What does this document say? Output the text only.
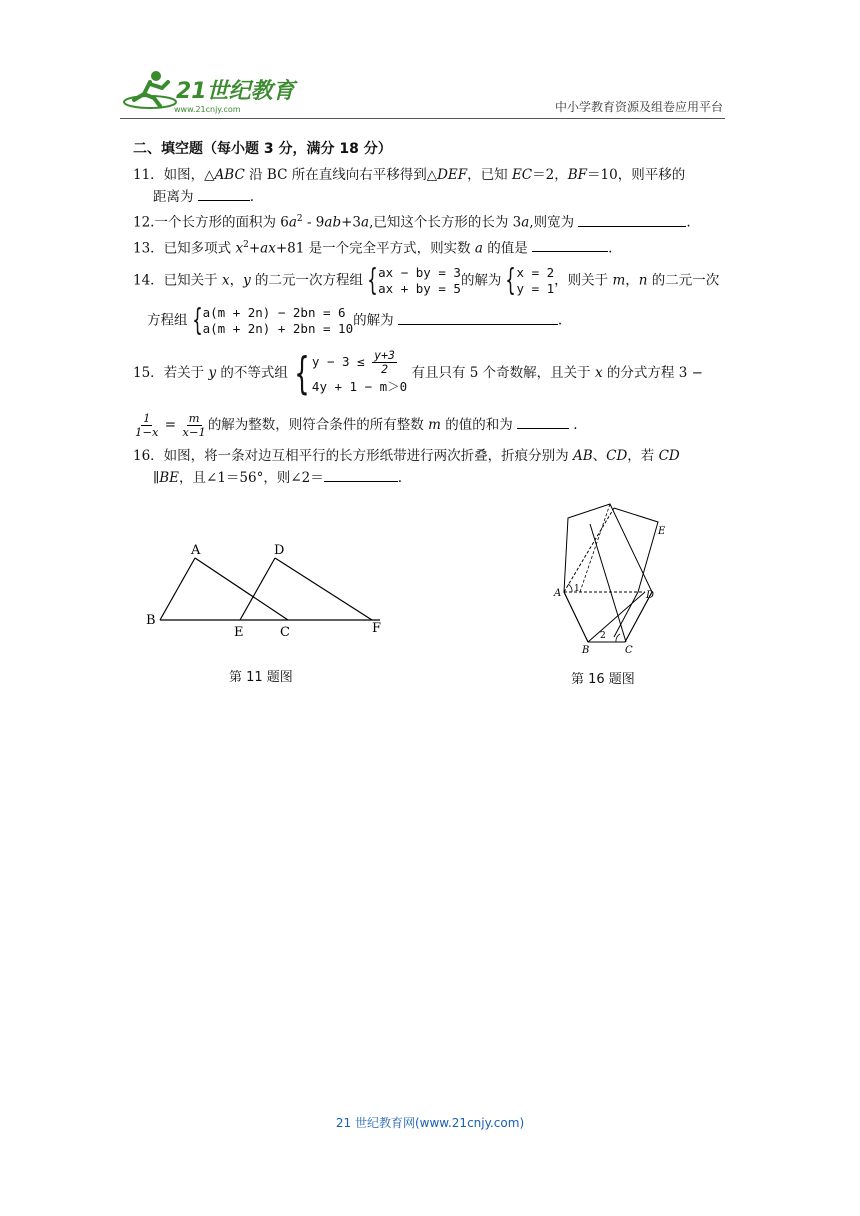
21世纪教育
www.21cnjy.com	中小学教育资源及组卷应用平台
二、填空题（每小题 3 分，满分 18 分）
11．如图，△ABC 沿 BC 所在直线向右平移得到△DEF，已知 EC＝2，BF＝10，则平移的
距离为	.
12.一个长方形的面积为 $6a^2 - 9ab+3a$,已知这个长方形的长为 3a,则宽为	.
13．已知多项式 $x^2+ax+81$ 是一个完全平方式，则实数 a 的值是	.
14．已知关于 x，y 的二元一次方程组 { ax − by = 3
ax + by = 5 的解为 { x = 2
y = 1 ，则关于 m，n 的二元一次
方程组 { a(m + 2n) − 2bn = 6
a(m + 2n) + 2bn = 10 的解为	.
15．若关于 y 的不等式组 { $y - 3 \le \frac{y+3}{2}$
4y + 1 − m＞0
有且只有 5 个奇数解，且关于 x 的分式方程 3 −
$\frac{1}{1-x} = \frac{m}{x-1}$ 的解为整数，则符合条件的所有整数 m 的值的和为	.
16．如图，将一条对边互相平行的长方形纸带进行两次折叠，折痕分别为 AB、CD，若 CD
∥BE，且∠1＝56°，则∠2＝	.
A
B
C
D
E	F
第 11 题图
A
B	C
D
E
1
2
第 16 题图
21 世纪教育网(www.21cnjy.com)
